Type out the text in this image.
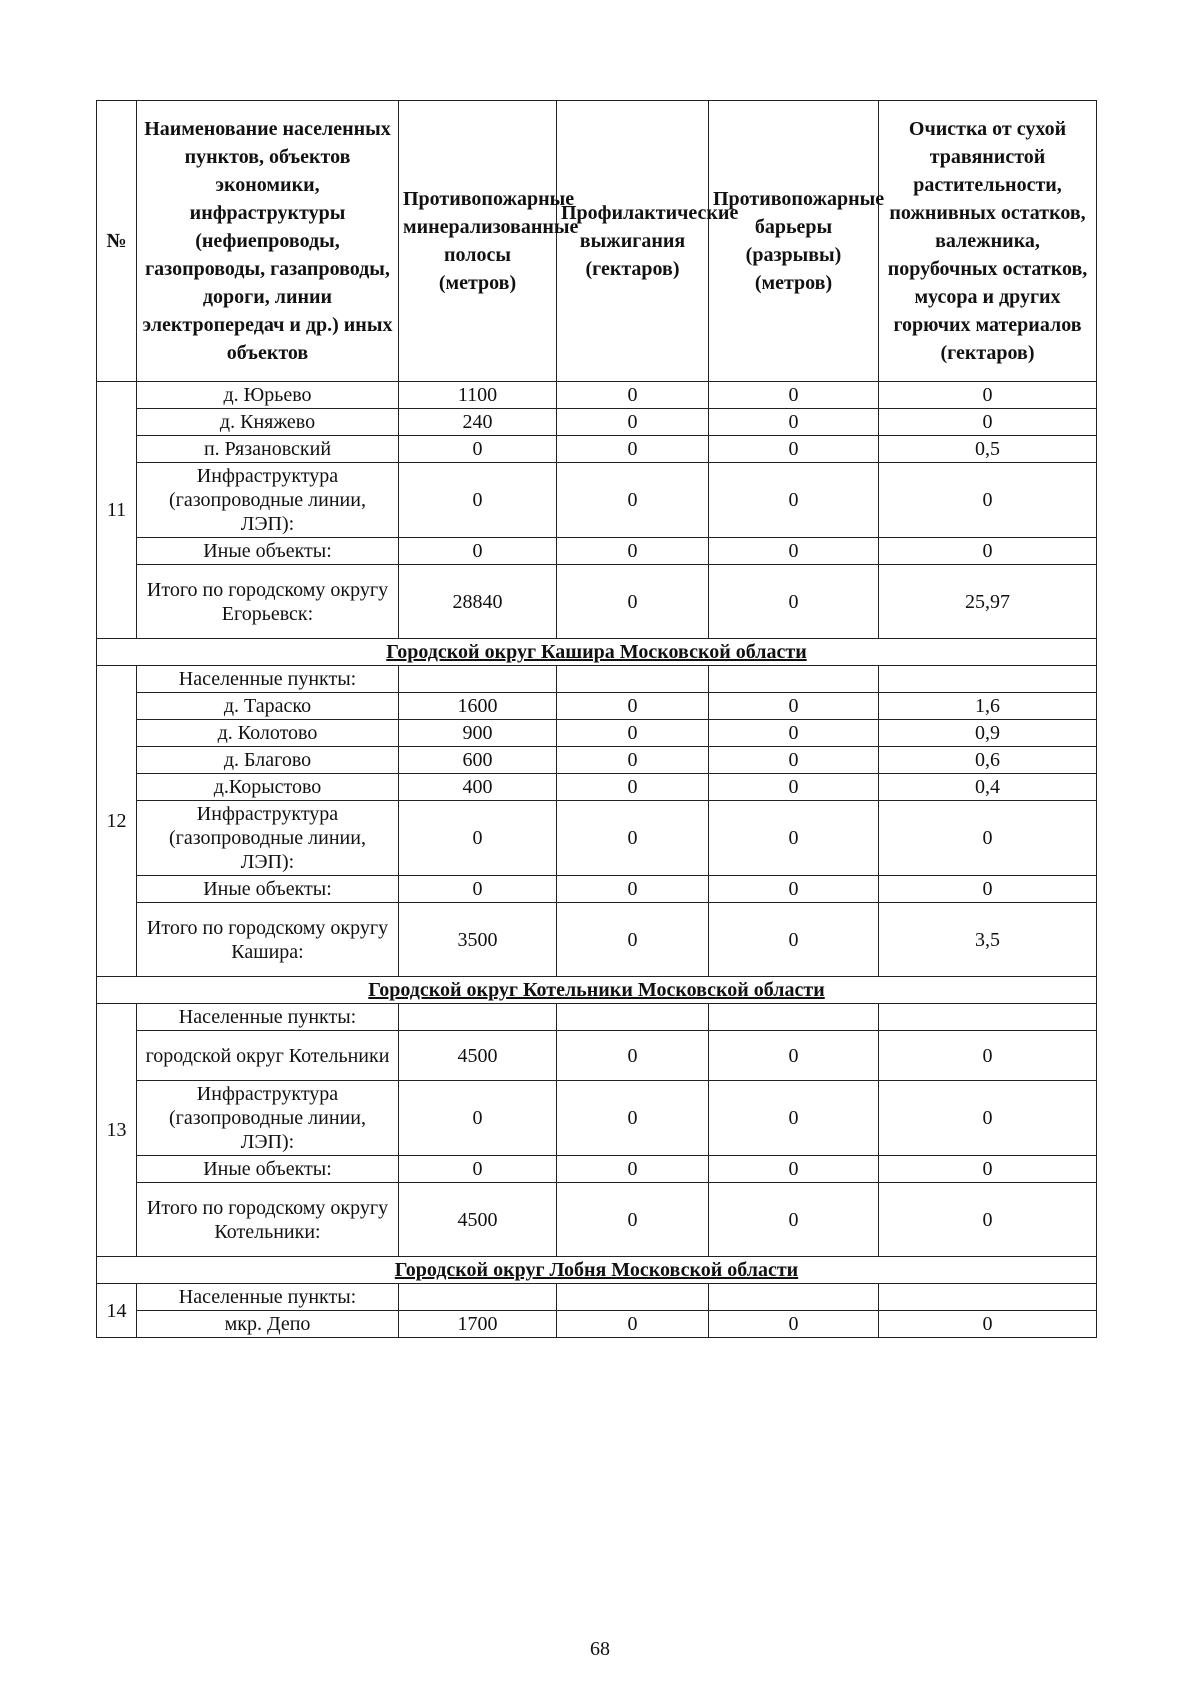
№	Наименование населенных пунктов, объектов экономики, инфраструктуры (нефиепроводы, газопроводы, газапроводы, дороги, линии электропередач и др.) иных объектов	Противопожарные минерализованные полосы (метров)	Профилактические выжигания (гектаров)	Противопожарные барьеры (разрывы) (метров)	Очистка от сухой травянистой растительности, пожнивных остатков, валежника, порубочных остатков, мусора и других горючих материалов (гектаров)
11	д. Юрьево	1100	0	0	0
	д. Княжево	240	0	0	0
	п. Рязановский	0	0	0	0,5
	Инфраструктура (газопроводные линии, ЛЭП):	0	0	0	0
	Иные объекты:	0	0	0	0
	Итого по городскому округу Егорьевск:	28840	0	0	25,97
Городской округ Кашира Московской области					
12	Населенные пункты:				
	д. Тараско	1600	0	0	1,6
	д. Колотово	900	0	0	0,9
	д. Благово	600	0	0	0,6
	д.Корыстово	400	0	0	0,4
	Инфраструктура (газопроводные линии, ЛЭП):	0	0	0	0
	Иные объекты:	0	0	0	0
	Итого по городскому округу Кашира:	3500	0	0	3,5
Городской округ Котельники Московской области					
13	Населенные пункты:				
	городской округ Котельники	4500	0	0	0
	Инфраструктура (газопроводные линии, ЛЭП):	0	0	0	0
	Иные объекты:	0	0	0	0
	Итого по городскому округу Котельники:	4500	0	0	0
Городской округ Лобня Московской области					
14	Населенные пункты:				
	мкр. Депо	1700	0	0	0
68
